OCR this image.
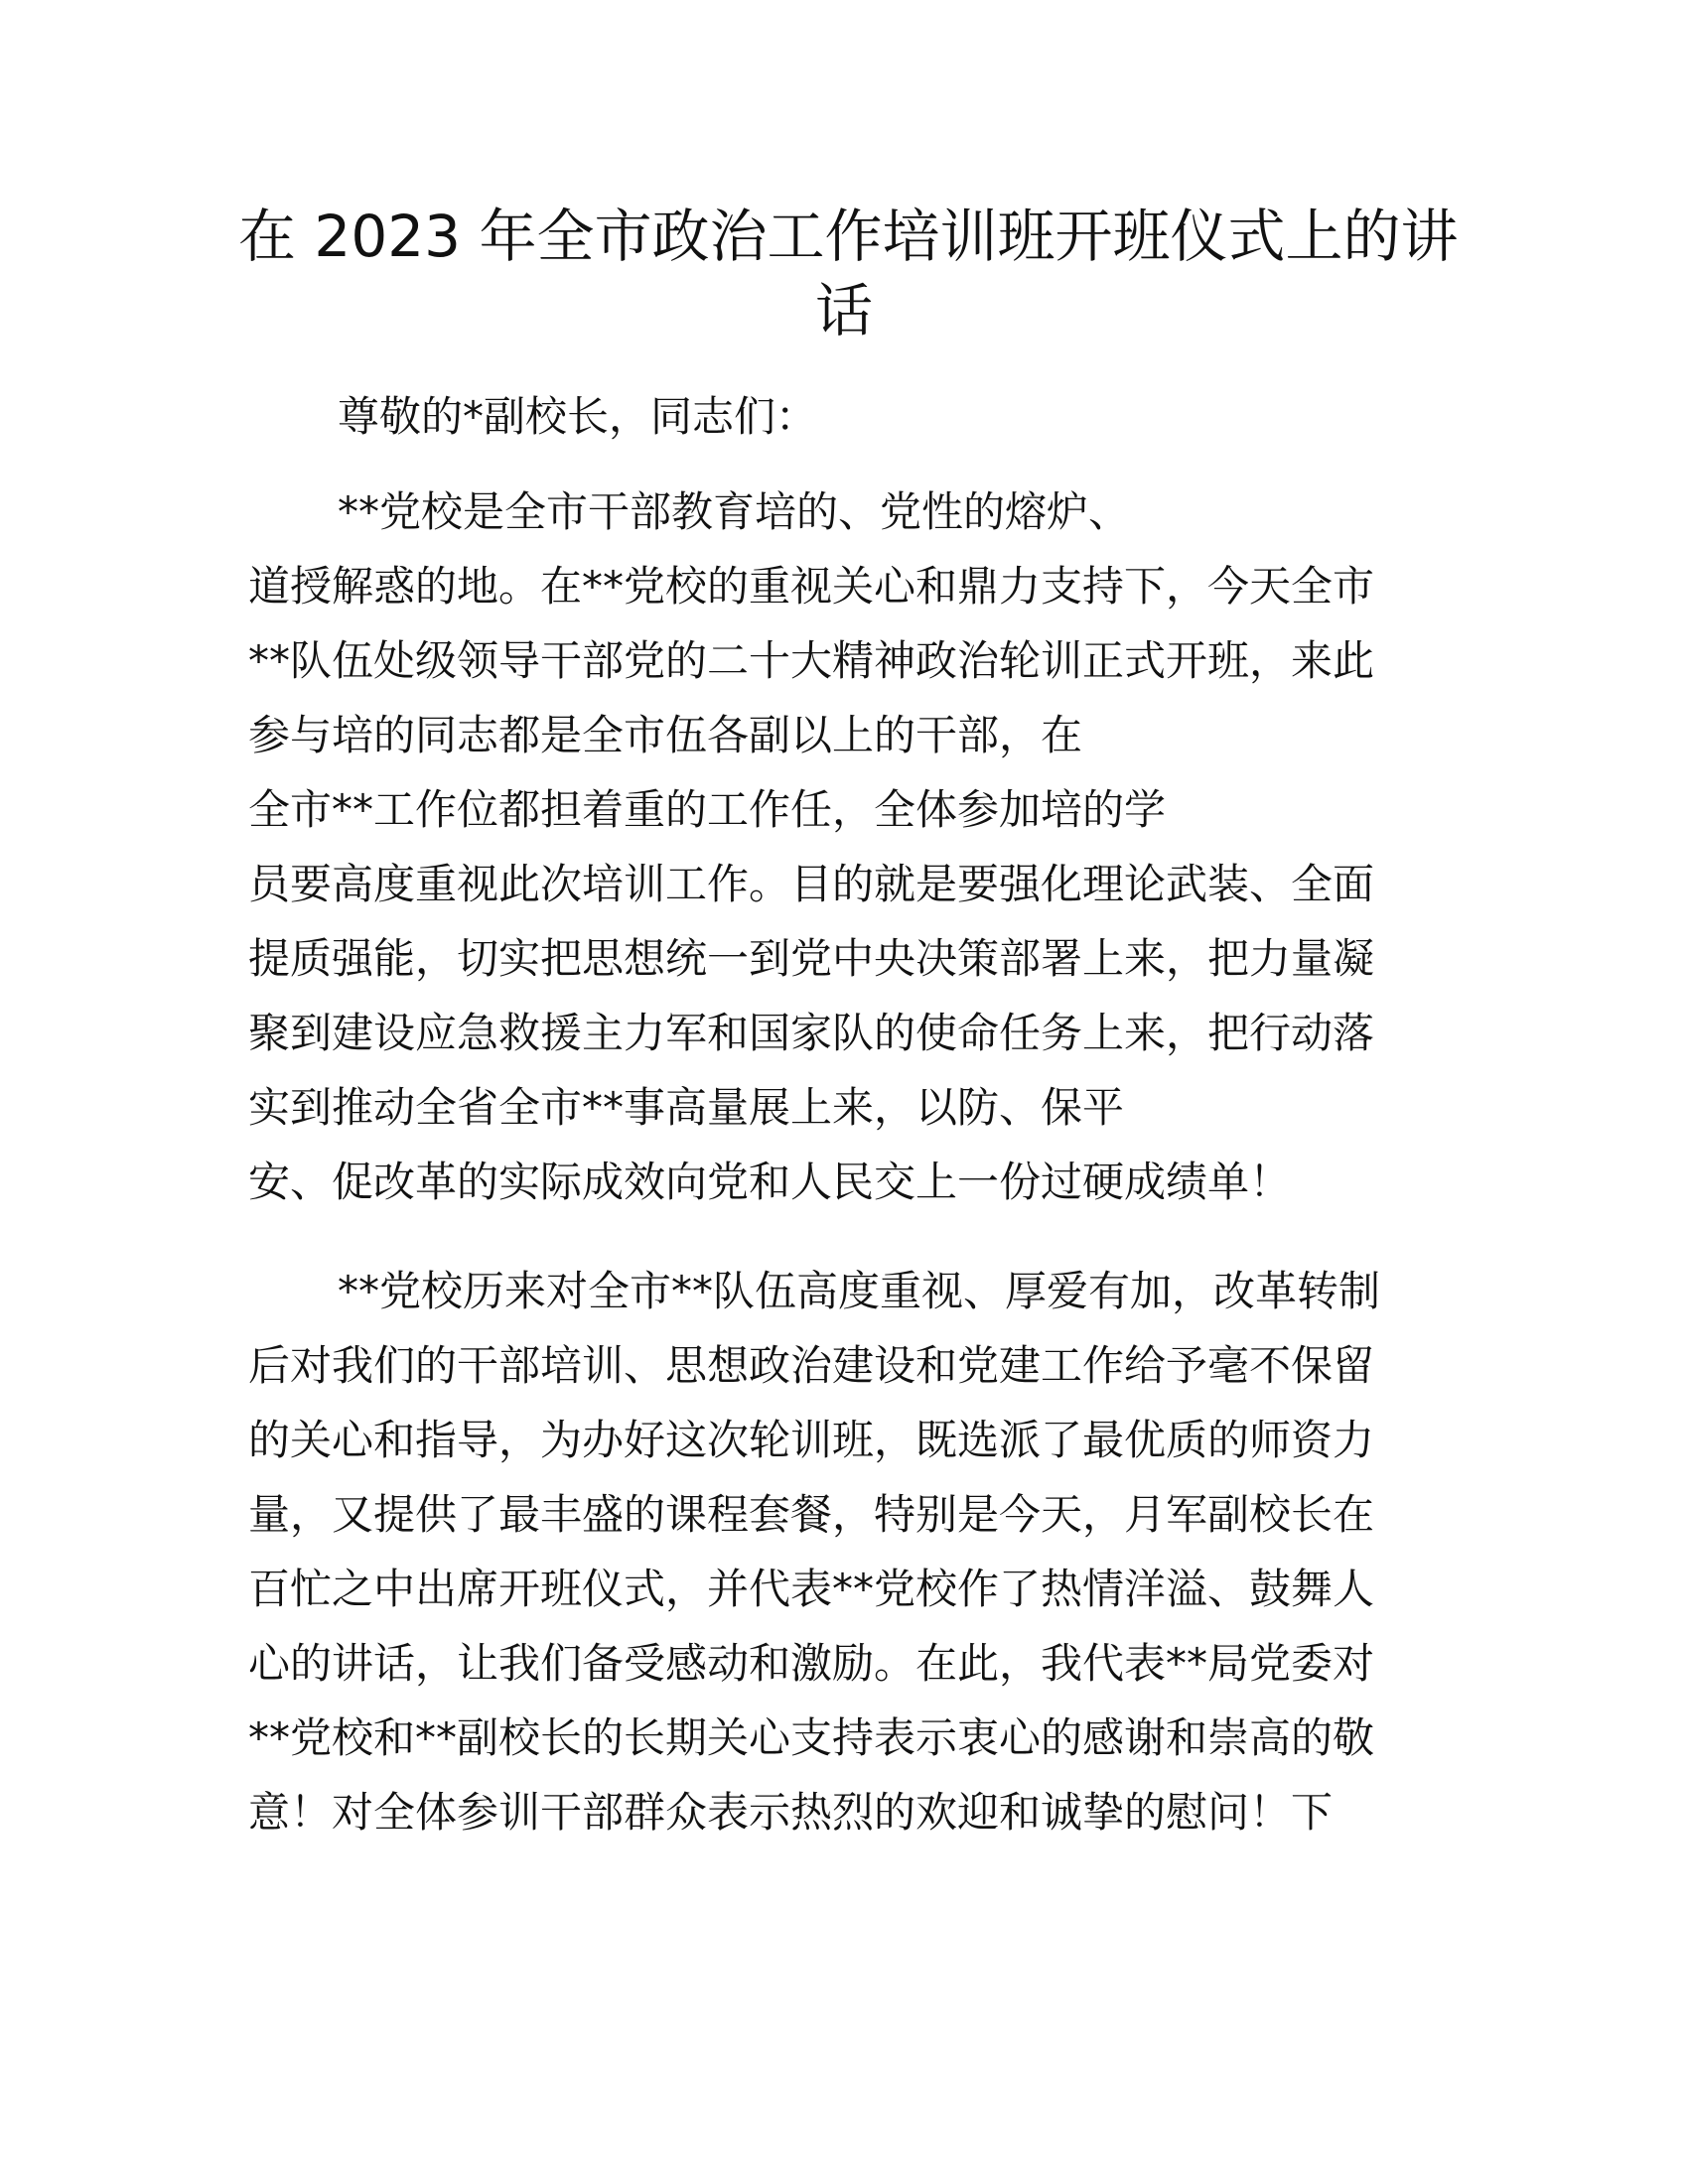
在 2023 年全市政治工作培训班开班仪式上的讲
话

尊敬的*副校长，同志们：

**党校是全市干部教育培的、党性的熔炉、
道授解惑的地。在**党校的重视关心和鼎力支持下，今天全市
**队伍处级领导干部党的二十大精神政治轮训正式开班，来此
参与培的同志都是全市伍各副以上的干部，在
全市**工作位都担着重的工作任，全体参加培的学
员要高度重视此次培训工作。目的就是要强化理论武装、全面
提质强能，切实把思想统一到党中央决策部署上来，把力量凝
聚到建设应急救援主力军和国家队的使命任务上来，把行动落
实到推动全省全市**事高量展上来，以防、保平
安、促改革的实际成效向党和人民交上一份过硬成绩单！
**党校历来对全市**队伍高度重视、厚爱有加，改革转制
后对我们的干部培训、思想政治建设和党建工作给予毫不保留
的关心和指导，为办好这次轮训班，既选派了最优质的师资力
量，又提供了最丰盛的课程套餐，特别是今天，月军副校长在
百忙之中出席开班仪式，并代表**党校作了热情洋溢、鼓舞人
心的讲话，让我们备受感动和激励。在此，我代表**局党委对
**党校和**副校长的长期关心支持表示衷心的感谢和崇高的敬
意！对全体参训干部群众表示热烈的欢迎和诚挚的慰问！下
